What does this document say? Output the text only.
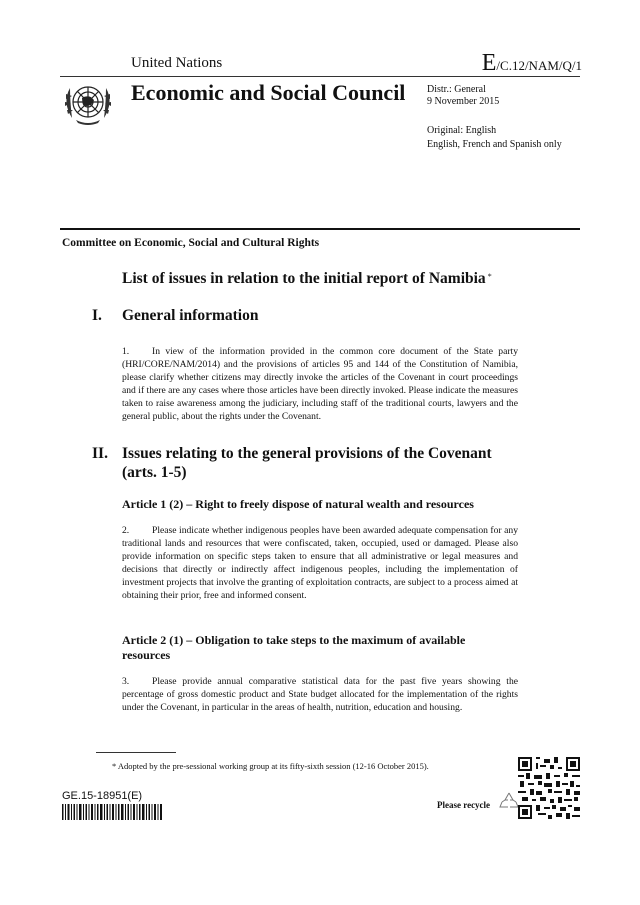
United Nations	E/C.12/NAM/Q/1
Economic and Social Council Distr.: General
9 November 2015
Original: English
English, French and Spanish only
Committee on Economic, Social and Cultural Rights
List of issues in relation to the initial report of Namibia *
I. General information
1. In view of the information provided in the common core document of the State party (HRI/CORE/NAM/2014) and the provisions of articles 95 and 144 of the Constitution of Namibia, please clarify whether citizens may directly invoke the articles of the Covenant in court proceedings and if there are any cases where those articles have been directly invoked. Please indicate the measures taken to raise awareness among the judiciary, including staff of the traditional courts, lawyers and the general public, about the rights under the Covenant.
II. Issues relating to the general provisions of the Covenant (arts. 1-5)
Article 1 (2) – Right to freely dispose of natural wealth and resources
2. Please indicate whether indigenous peoples have been awarded adequate compensation for any traditional lands and resources that were confiscated, taken, occupied, used or damaged. Please also provide information on specific steps taken to ensure that all administrative or legal measures and decisions that directly or indirectly affect indigenous peoples, including the implementation of investment projects that involve the granting of exploitation contracts, are subject to a process aimed at obtaining their prior, free and informed consent.
Article 2 (1) – Obligation to take steps to the maximum of available resources
3. Please provide annual comparative statistical data for the past five years showing the percentage of gross domestic product and State budget allocated for the implementation of the rights under the Covenant, in particular in the areas of health, nutrition, education and housing.
* Adopted by the pre-sessional working group at its fifty-sixth session (12-16 October 2015).
GE.15-18951(E)
Please recycle
